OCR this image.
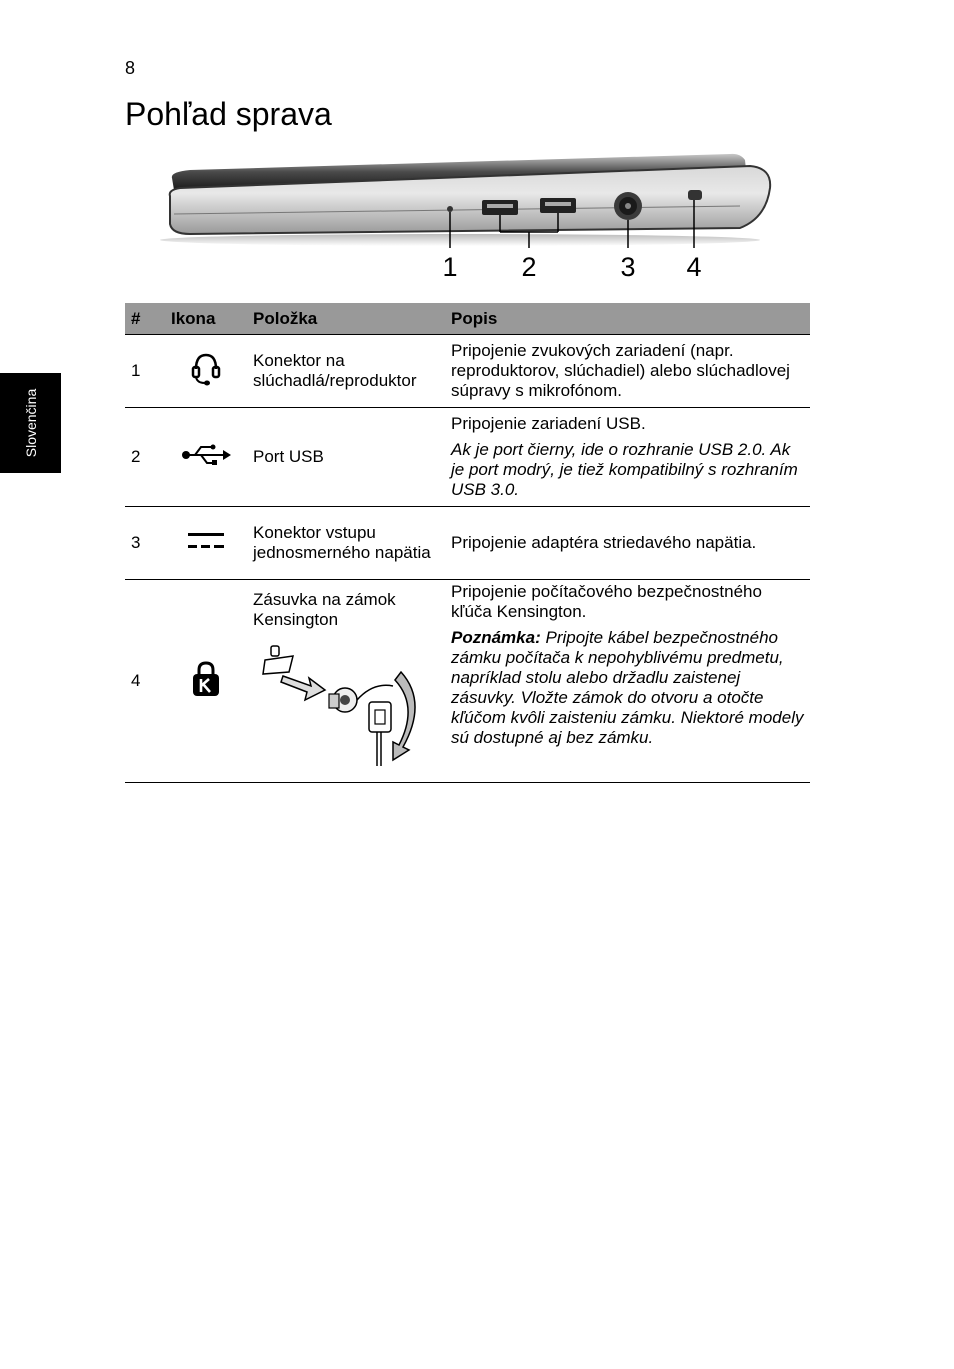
8
Pohľad sprava
Slovenčina
1 2	3 4
#	Ikona	Položka	Popis
1		Konektor na slúchadlá/reproduktor	Pripojenie zvukových zariadení (napr. reproduktorov, slúchadiel) alebo slúchadlovej súpravy s mikrofónom.

2		Port USB	Pripojenie zariadení USB.

Ak je port čierny, ide o rozhranie USB 2.0. Ak je port modrý, je tiež kompatibilný s rozhraním USB 3.0.

3		Konektor vstupu jednosmerného napätia	Pripojenie adaptéra striedavého napätia.

4		Zásuvka na zámok Kensington	Pripojenie počítačového bezpečnostného kľúča Kensington.

Poznámka: Pripojte kábel bezpečnostného zámku počítača k nepohyblivému predmetu, napríklad stolu alebo držadlu zaistenej zásuvky. Vložte zámok do otvoru a otočte kľúčom kvôli zaisteniu zámku. Niektoré modely sú dostupné aj bez zámku.
